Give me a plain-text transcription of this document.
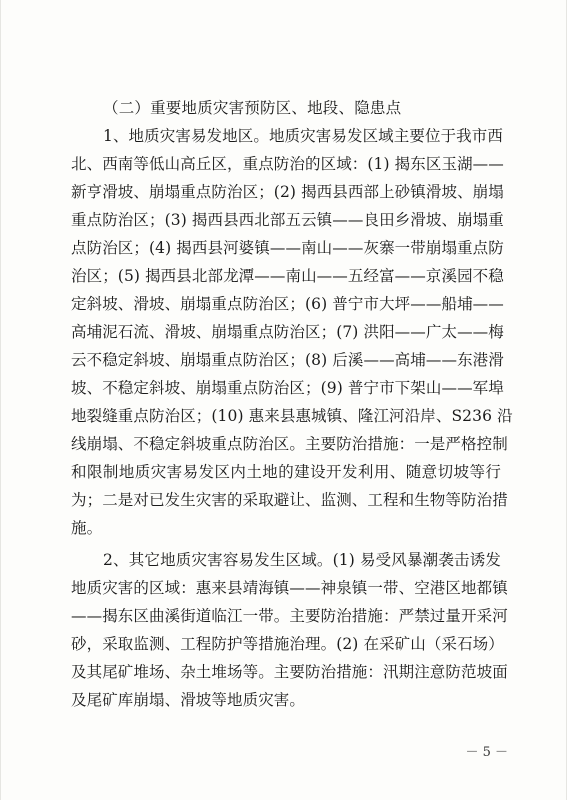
（二）重要地质灾害预防区、地段、隐患点
1、地质灾害易发地区。地质灾害易发区域主要位于我市西
北、西南等低山高丘区，重点防治的区域：(1) 揭东区玉湖——
新亨滑坡、崩塌重点防治区；(2) 揭西县西部上砂镇滑坡、崩塌
重点防治区；(3) 揭西县西北部五云镇——良田乡滑坡、崩塌重
点防治区；(4) 揭西县河婆镇——南山——灰寨一带崩塌重点防
治区；(5) 揭西县北部龙潭——南山——五经富——京溪园不稳
定斜坡、滑坡、崩塌重点防治区；(6) 普宁市大坪——船埔——
高埔泥石流、滑坡、崩塌重点防治区；(7) 洪阳——广太——梅
云不稳定斜坡、崩塌重点防治区；(8) 后溪——高埔——东港滑
坡、不稳定斜坡、崩塌重点防治区；(9) 普宁市下架山——军埠
地裂缝重点防治区；(10) 惠来县惠城镇、隆江河沿岸、S236 沿
线崩塌、不稳定斜坡重点防治区。主要防治措施：一是严格控制
和限制地质灾害易发区内土地的建设开发利用、随意切坡等行
为；二是对已发生灾害的采取避让、监测、工程和生物等防治措
施。
2、其它地质灾害容易发生区域。(1) 易受风暴潮袭击诱发
地质灾害的区域：惠来县靖海镇——神泉镇一带、空港区地都镇
——揭东区曲溪街道临江一带。主要防治措施：严禁过量开采河
砂，采取监测、工程防护等措施治理。(2) 在采矿山（采石场）
及其尾矿堆场、杂土堆场等。主要防治措施：汛期注意防范坡面
及尾矿库崩塌、滑坡等地质灾害。
－ 5 －
